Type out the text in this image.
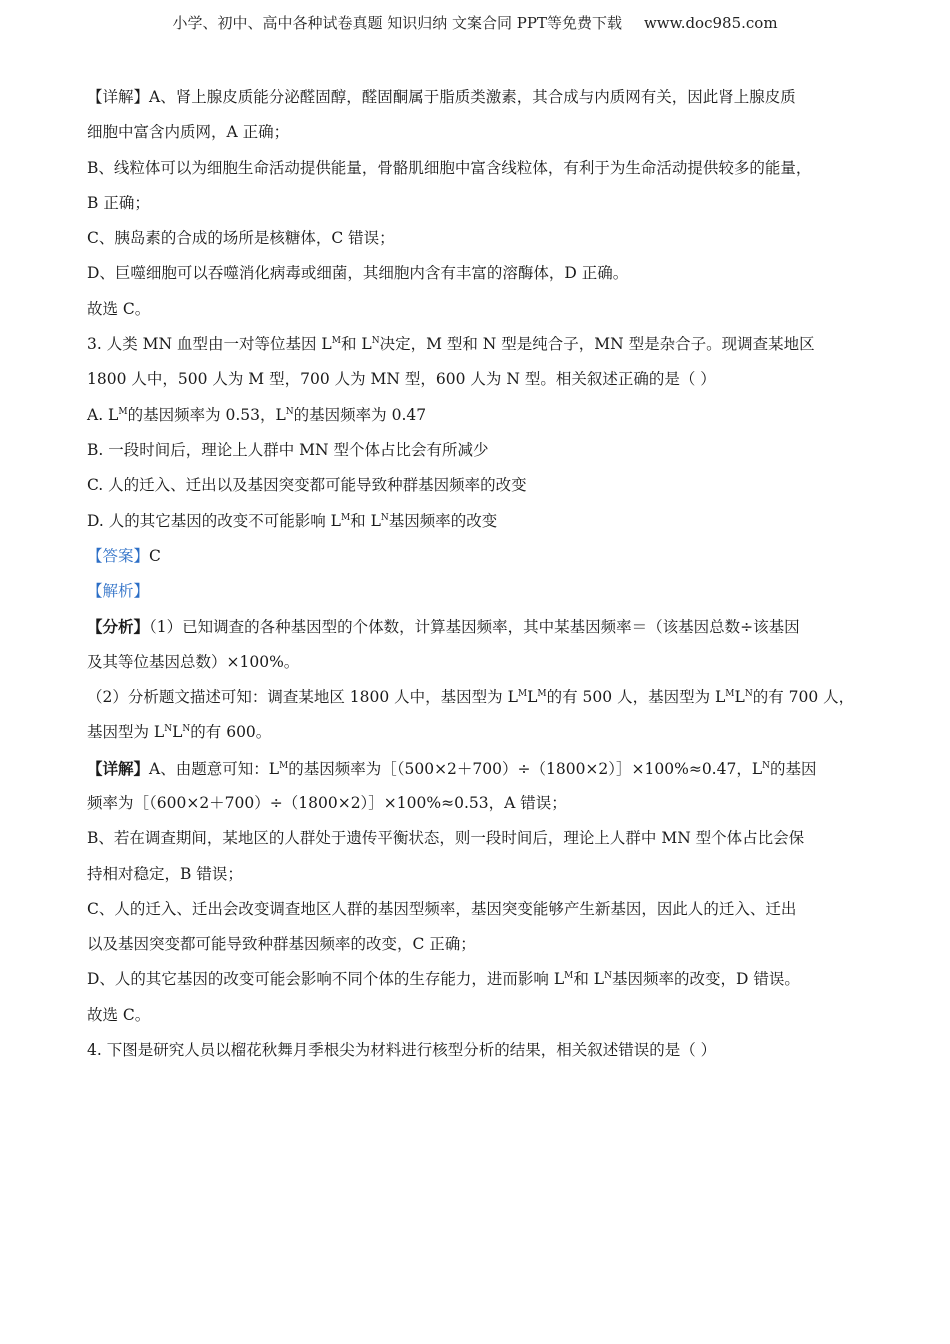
小学、初中、高中各种试卷真题 知识归纳 文案合同 PPT等免费下载 www.doc985.com
【详解】A、肾上腺皮质能分泌醛固醇，醛固酮属于脂质类激素，其合成与内质网有关，因此肾上腺皮质
细胞中富含内质网，A 正确；
B、线粒体可以为细胞生命活动提供能量，骨骼肌细胞中富含线粒体，有利于为生命活动提供较多的能量，
B 正确；
C、胰岛素的合成的场所是核糖体，C 错误；
D、巨噬细胞可以吞噬消化病毒或细菌，其细胞内含有丰富的溶酶体，D 正确。
故选 C。
3. 人类 MN 血型由一对等位基因 $L^M$和 $L^N$决定，M 型和 N 型是纯合子，MN 型是杂合子。现调查某地区
1800 人中，500 人为 M 型，700 人为 MN 型，600 人为 N 型。相关叙述正确的是（ ）
A. $L^M$的基因频率为 0.53，$L^N$的基因频率为 0.47
B. 一段时间后，理论上人群中 MN 型个体占比会有所减少
C. 人的迁入、迁出以及基因突变都可能导致种群基因频率的改变
D. 人的其它基因的改变不可能影响 $L^M$和 $L^N$基因频率的改变
【答案】C
【解析】
【分析】（1）已知调查的各种基因型的个体数，计算基因频率，其中某基因频率＝（该基因总数÷该基因
及其等位基因总数）×100%。
（2）分析题文描述可知：调查某地区 1800 人中，基因型为 $L^ML^M$的有 500 人，基因型为 $L^ML^N$的有 700 人，
基因型为 $L^NL^N$的有 600。
【详解】A、由题意可知：$L^M$的基因频率为［（500×2＋700）÷（1800×2）］×100%≈0.47，$L^N$的基因
频率为［（600×2＋700）÷（1800×2）］×100%≈0.53，A 错误；
B、若在调查期间，某地区的人群处于遗传平衡状态，则一段时间后，理论上人群中 MN 型个体占比会保
持相对稳定，B 错误；
C、人的迁入、迁出会改变调查地区人群的基因型频率，基因突变能够产生新基因，因此人的迁入、迁出
以及基因突变都可能导致种群基因频率的改变，C 正确；
D、人的其它基因的改变可能会影响不同个体的生存能力，进而影响 $L^M$和 $L^N$基因频率的改变，D 错误。
故选 C。
4. 下图是研究人员以榴花秋舞月季根尖为材料进行核型分析的结果，相关叙述错误的是（ ）
